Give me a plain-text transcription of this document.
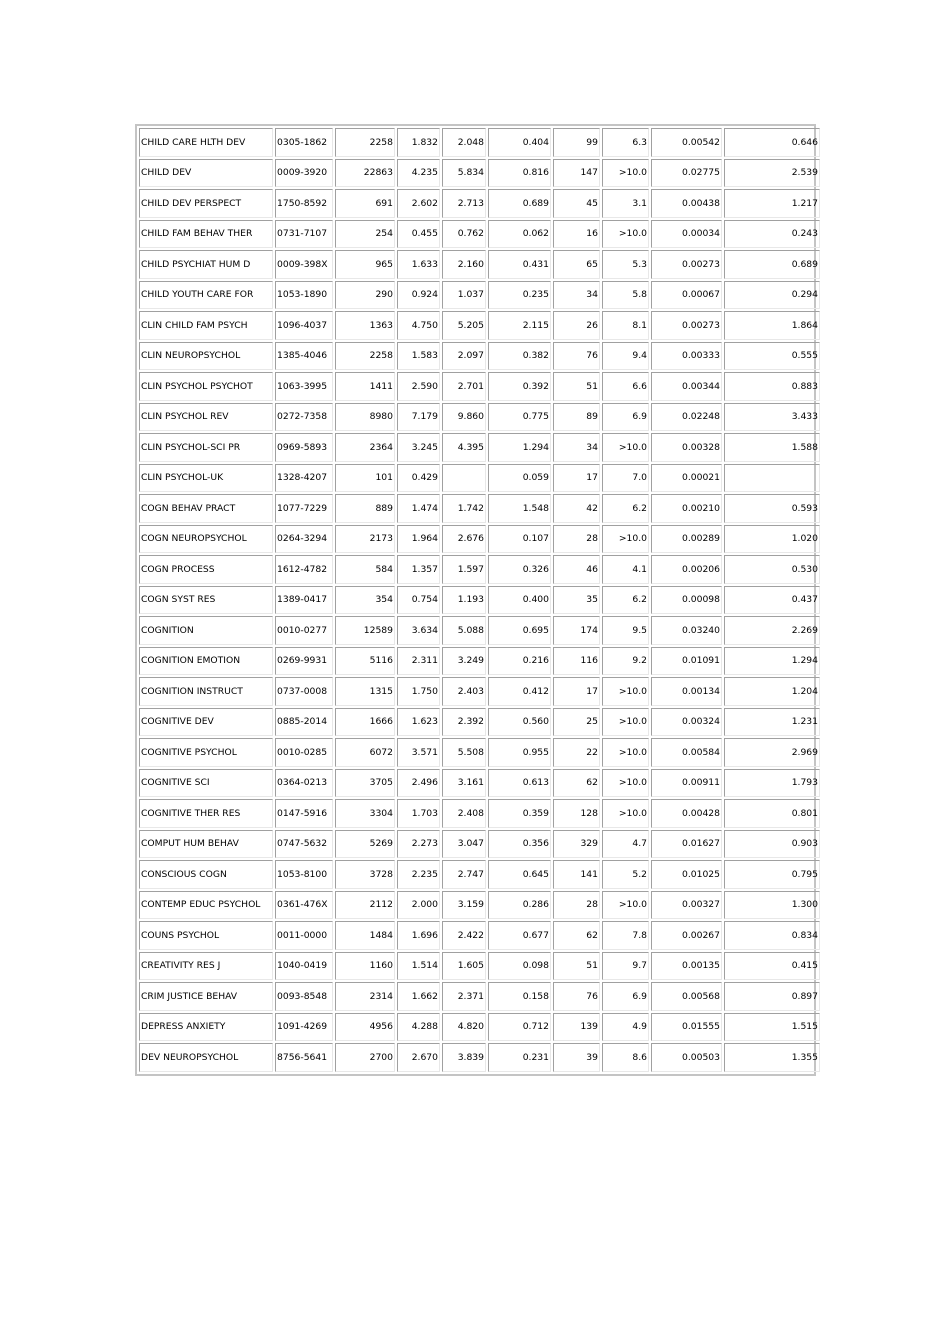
CHILD CARE HLTH DEV	0305-1862	2258	1.832	2.048	0.404	99	6.3	0.00542	0.646
CHILD DEV	0009-3920	22863	4.235	5.834	0.816	147	>10.0	0.02775	2.539
CHILD DEV PERSPECT	1750-8592	691	2.602	2.713	0.689	45	3.1	0.00438	1.217
CHILD FAM BEHAV THER	0731-7107	254	0.455	0.762	0.062	16	>10.0	0.00034	0.243
CHILD PSYCHIAT HUM D	0009-398X	965	1.633	2.160	0.431	65	5.3	0.00273	0.689
CHILD YOUTH CARE FOR	1053-1890	290	0.924	1.037	0.235	34	5.8	0.00067	0.294
CLIN CHILD FAM PSYCH	1096-4037	1363	4.750	5.205	2.115	26	8.1	0.00273	1.864
CLIN NEUROPSYCHOL	1385-4046	2258	1.583	2.097	0.382	76	9.4	0.00333	0.555
CLIN PSYCHOL PSYCHOT	1063-3995	1411	2.590	2.701	0.392	51	6.6	0.00344	0.883
CLIN PSYCHOL REV	0272-7358	8980	7.179	9.860	0.775	89	6.9	0.02248	3.433
CLIN PSYCHOL-SCI PR	0969-5893	2364	3.245	4.395	1.294	34	>10.0	0.00328	1.588
CLIN PSYCHOL-UK	1328-4207	101	0.429		0.059	17	7.0	0.00021	
COGN BEHAV PRACT	1077-7229	889	1.474	1.742	1.548	42	6.2	0.00210	0.593
COGN NEUROPSYCHOL	0264-3294	2173	1.964	2.676	0.107	28	>10.0	0.00289	1.020
COGN PROCESS	1612-4782	584	1.357	1.597	0.326	46	4.1	0.00206	0.530
COGN SYST RES	1389-0417	354	0.754	1.193	0.400	35	6.2	0.00098	0.437
COGNITION	0010-0277	12589	3.634	5.088	0.695	174	9.5	0.03240	2.269
COGNITION EMOTION	0269-9931	5116	2.311	3.249	0.216	116	9.2	0.01091	1.294
COGNITION INSTRUCT	0737-0008	1315	1.750	2.403	0.412	17	>10.0	0.00134	1.204
COGNITIVE DEV	0885-2014	1666	1.623	2.392	0.560	25	>10.0	0.00324	1.231
COGNITIVE PSYCHOL	0010-0285	6072	3.571	5.508	0.955	22	>10.0	0.00584	2.969
COGNITIVE SCI	0364-0213	3705	2.496	3.161	0.613	62	>10.0	0.00911	1.793
COGNITIVE THER RES	0147-5916	3304	1.703	2.408	0.359	128	>10.0	0.00428	0.801
COMPUT HUM BEHAV	0747-5632	5269	2.273	3.047	0.356	329	4.7	0.01627	0.903
CONSCIOUS COGN	1053-8100	3728	2.235	2.747	0.645	141	5.2	0.01025	0.795
CONTEMP EDUC PSYCHOL	0361-476X	2112	2.000	3.159	0.286	28	>10.0	0.00327	1.300
COUNS PSYCHOL	0011-0000	1484	1.696	2.422	0.677	62	7.8	0.00267	0.834
CREATIVITY RES J	1040-0419	1160	1.514	1.605	0.098	51	9.7	0.00135	0.415
CRIM JUSTICE BEHAV	0093-8548	2314	1.662	2.371	0.158	76	6.9	0.00568	0.897
DEPRESS ANXIETY	1091-4269	4956	4.288	4.820	0.712	139	4.9	0.01555	1.515
DEV NEUROPSYCHOL	8756-5641	2700	2.670	3.839	0.231	39	8.6	0.00503	1.355
